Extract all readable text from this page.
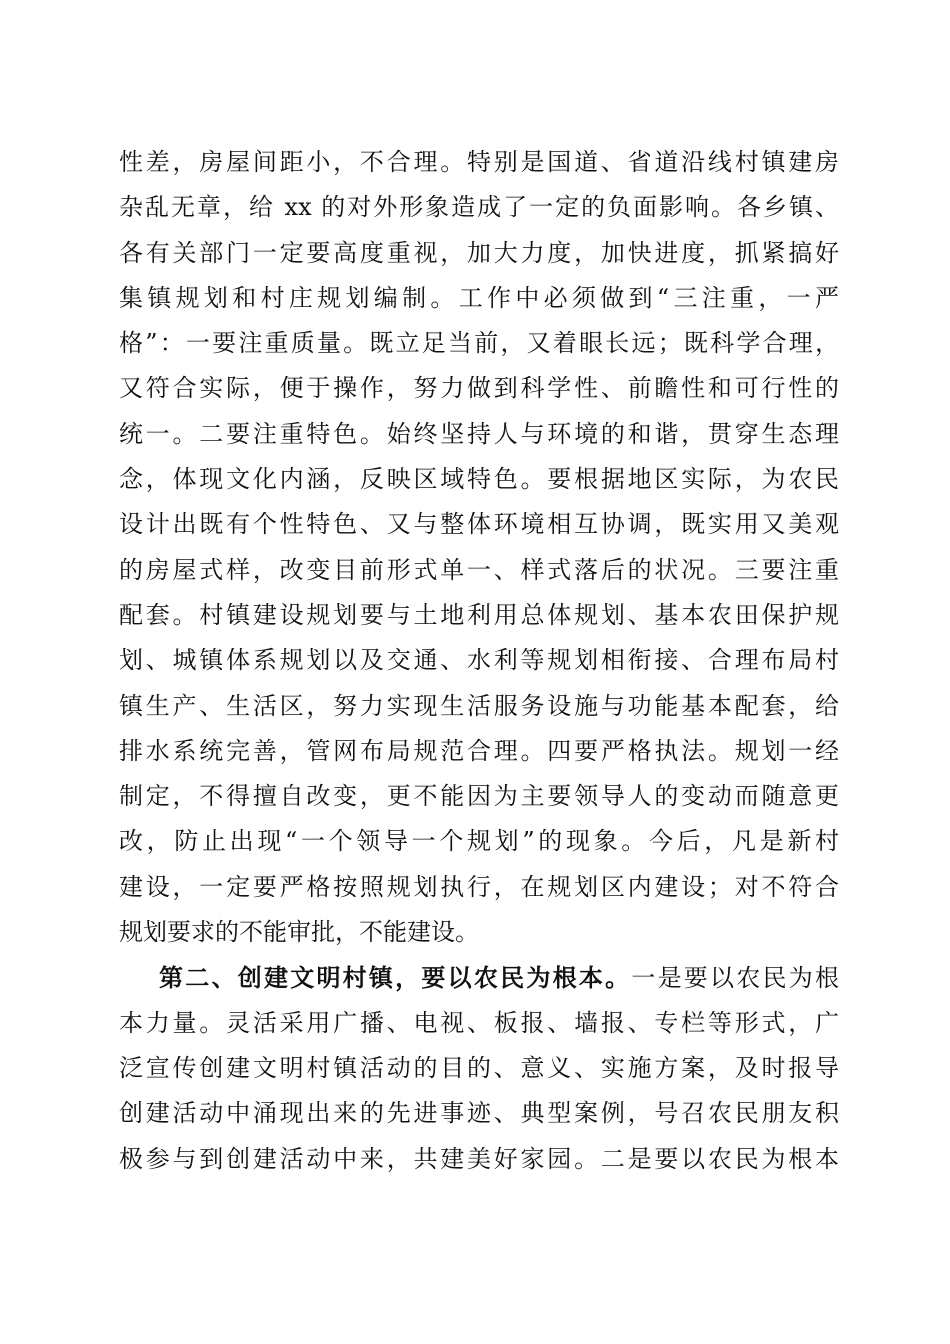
性差，房屋间距小，不合理。特别是国道、省道沿线村镇建房
杂乱无章，给 xx 的对外形象造成了一定的负面影响。各乡镇、
各有关部门一定要高度重视，加大力度，加快进度，抓紧搞好
集镇规划和村庄规划编制。工作中必须做到“三注重，一严
格”：一要注重质量。既立足当前，又着眼长远；既科学合理，
又符合实际，便于操作，努力做到科学性、前瞻性和可行性的
统一。二要注重特色。始终坚持人与环境的和谐，贯穿生态理
念，体现文化内涵，反映区域特色。要根据地区实际，为农民
设计出既有个性特色、又与整体环境相互协调，既实用又美观
的房屋式样，改变目前形式单一、样式落后的状况。三要注重
配套。村镇建设规划要与土地利用总体规划、基本农田保护规
划、城镇体系规划以及交通、水利等规划相衔接、合理布局村
镇生产、生活区，努力实现生活服务设施与功能基本配套，给
排水系统完善，管网布局规范合理。四要严格执法。规划一经
制定，不得擅自改变，更不能因为主要领导人的变动而随意更
改，防止出现“一个领导一个规划”的现象。今后，凡是新村
建设，一定要严格按照规划执行，在规划区内建设；对不符合
规划要求的不能审批，不能建设。
第二、创建文明村镇，要以农民为根本。一是要以农民为根
本力量。灵活采用广播、电视、板报、墙报、专栏等形式，广
泛宣传创建文明村镇活动的目的、意义、实施方案，及时报导
创建活动中涌现出来的先进事迹、典型案例，号召农民朋友积
极参与到创建活动中来，共建美好家园。二是要以农民为根本
